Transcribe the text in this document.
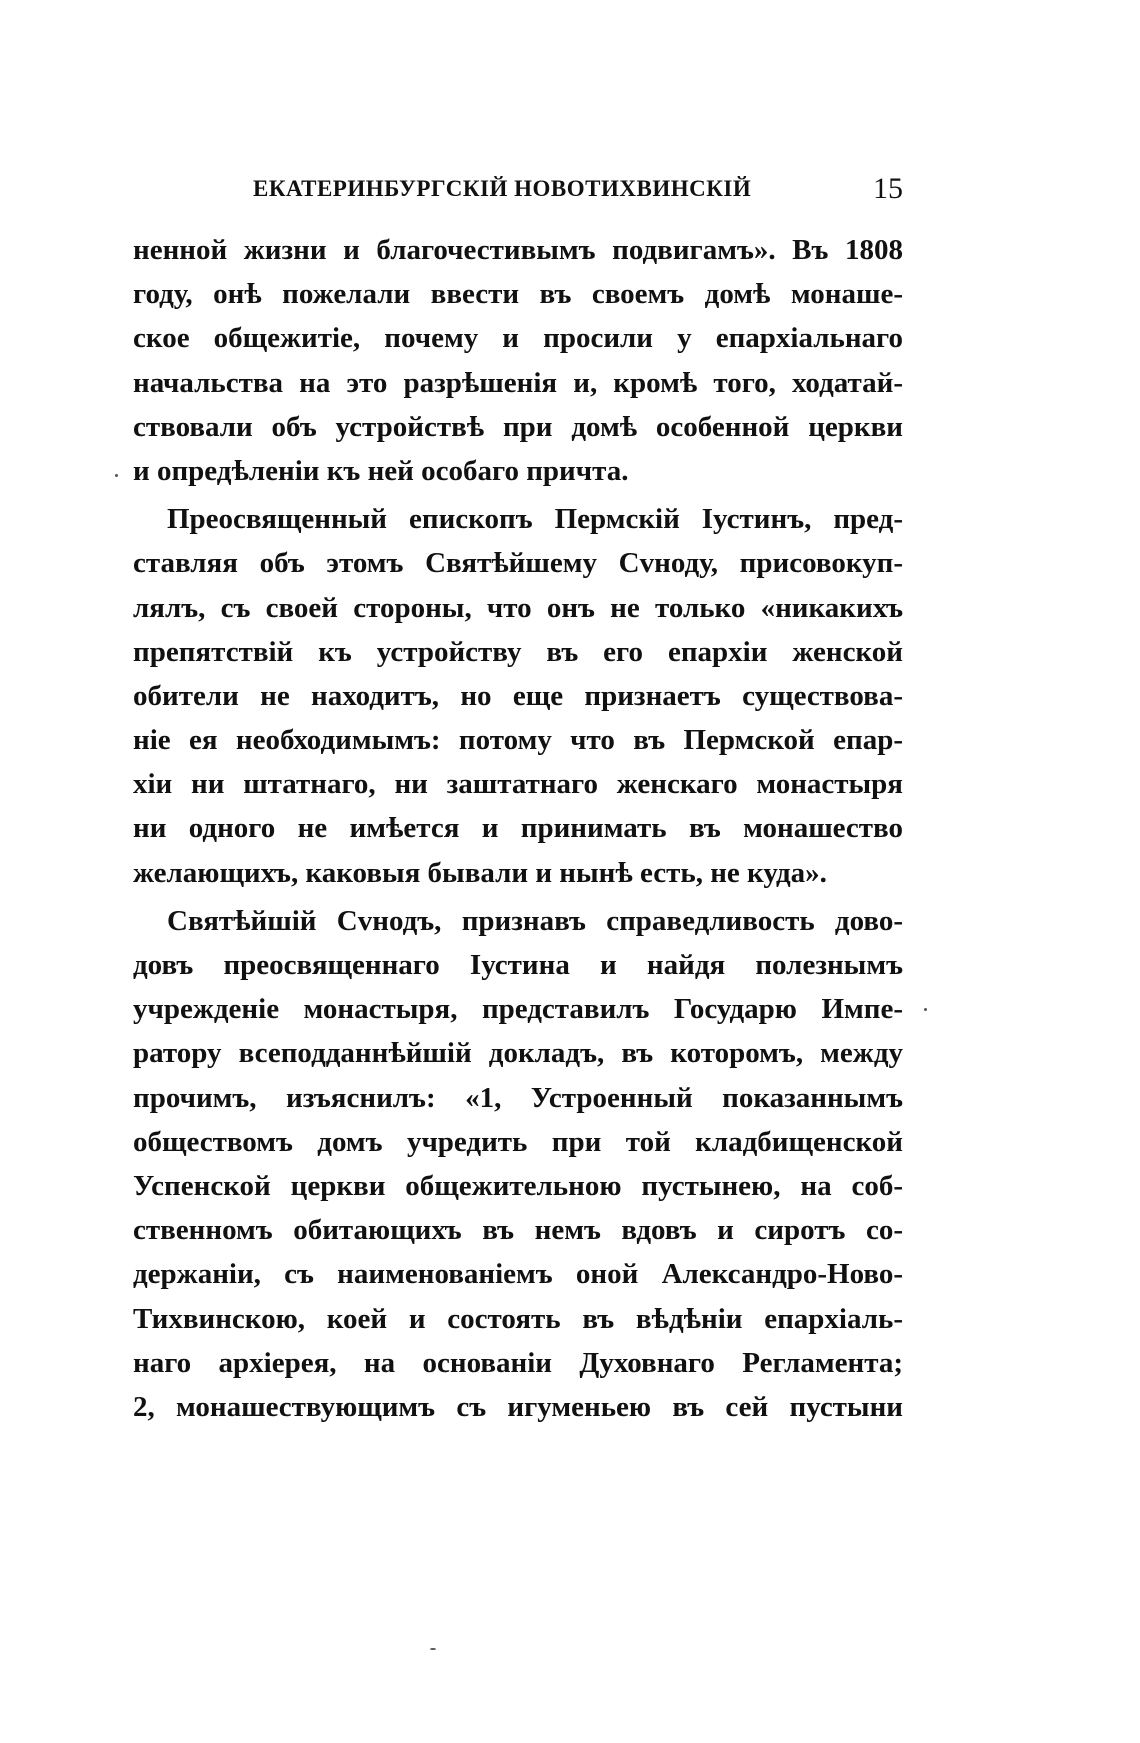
ЕКАТЕРИНБУРГСКІЙ НОВОТИХВИНСКІЙ	15
ненной жизни и благочестивымъ подвигамъ». Въ 1808
году, онѣ пожелали ввести въ своемъ домѣ монаше-
ское общежитіе, почему и просили у епархіальнаго
начальства на это разрѣшенія и, кромѣ того, ходатай-
ствовали объ устройствѣ при домѣ особенной церкви
и опредѣленіи къ ней особаго причта.
Преосвященный епископъ Пермскій Іустинъ, пред-
ставляя объ этомъ Святѣйшему Сvноду, присовокуп-
лялъ, съ своей стороны, что онъ не только «никакихъ
препятствій къ устройству въ его епархіи женской
обители не находитъ, но еще признаетъ существова-
ніе ея необходимымъ: потому что въ Пермской епар-
хіи ни штатнаго, ни заштатнаго женскаго монастыря
ни одного не имѣется и принимать въ монашество
желающихъ, каковыя бывали и нынѣ есть, не куда».
Святѣйшій Сvнодъ, признавъ справедливость дово-
довъ преосвященнаго Іустина и найдя полезнымъ
учрежденіе монастыря, представилъ Государю Импе-
ратору всеподданнѣйшій докладъ, въ которомъ, между
прочимъ, изъяснилъ: «1, Устроенный показаннымъ
обществомъ домъ учредить при той кладбищенской
Успенской церкви общежительною пустынею, на соб-
ственномъ обитающихъ въ немъ вдовъ и сиротъ со-
держаніи, съ наименованіемъ оной Александро-Ново-
Тихвинскою, коей и состоять въ вѣдѣніи епархіаль-
наго архіерея, на основаніи Духовнаго Регламента;
2, монашествующимъ съ игуменьею въ сей пустыни
